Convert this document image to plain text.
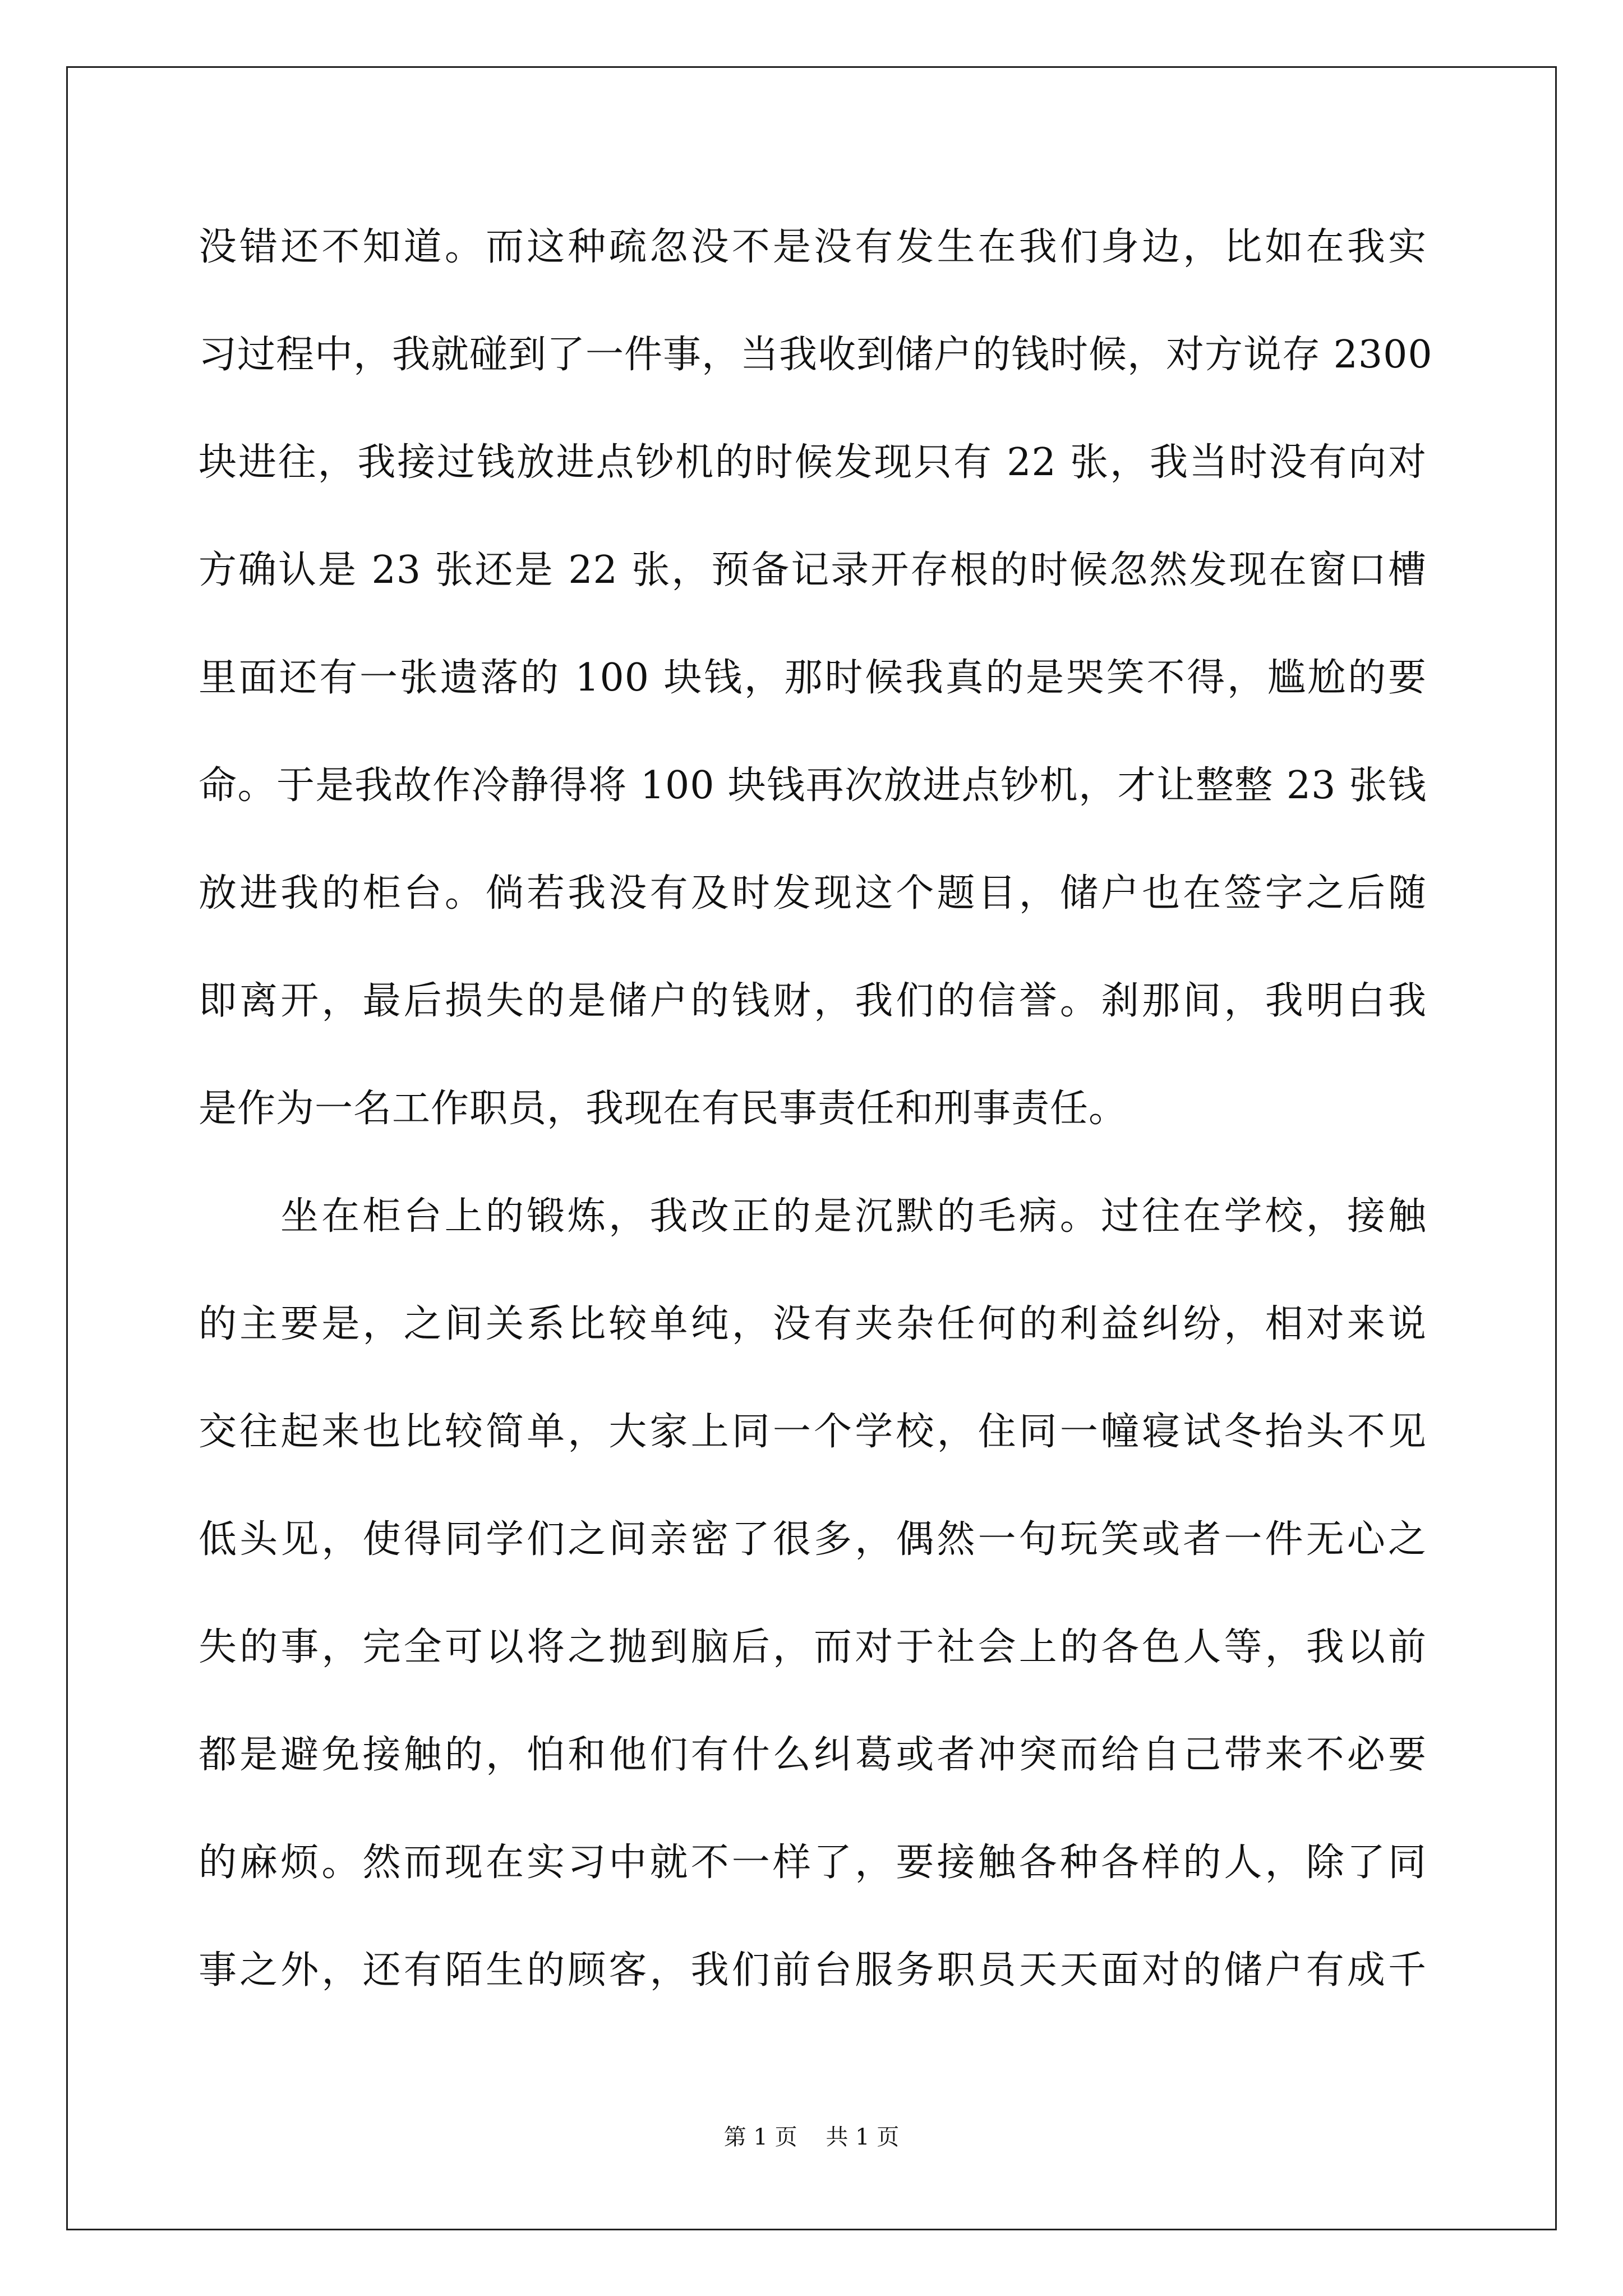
没错还不知道。而这种疏忽没不是没有发生在我们身边，比如在我实
习过程中，我就碰到了一件事，当我收到储户的钱时候，对方说存 2300
块进往，我接过钱放进点钞机的时候发现只有 22 张，我当时没有向对
方确认是 23 张还是 22 张，预备记录开存根的时候忽然发现在窗口槽
里面还有一张遗落的 100 块钱，那时候我真的是哭笑不得，尴尬的要
命。于是我故作冷静得将 100 块钱再次放进点钞机，才让整整 23 张钱
放进我的柜台。倘若我没有及时发现这个题目，储户也在签字之后随
即离开，最后损失的是储户的钱财，我们的信誉。刹那间，我明白我
是作为一名工作职员，我现在有民事责任和刑事责任。
坐在柜台上的锻炼，我改正的是沉默的毛病。过往在学校，接触
的主要是，之间关系比较单纯，没有夹杂任何的利益纠纷，相对来说
交往起来也比较简单，大家上同一个学校，住同一幢寝试冬抬头不见
低头见，使得同学们之间亲密了很多，偶然一句玩笑或者一件无心之
失的事，完全可以将之抛到脑后，而对于社会上的各色人等，我以前
都是避免接触的，怕和他们有什么纠葛或者冲突而给自己带来不必要
的麻烦。然而现在实习中就不一样了，要接触各种各样的人，除了同
事之外，还有陌生的顾客，我们前台服务职员天天面对的储户有成千
第 1 页    共 1 页
